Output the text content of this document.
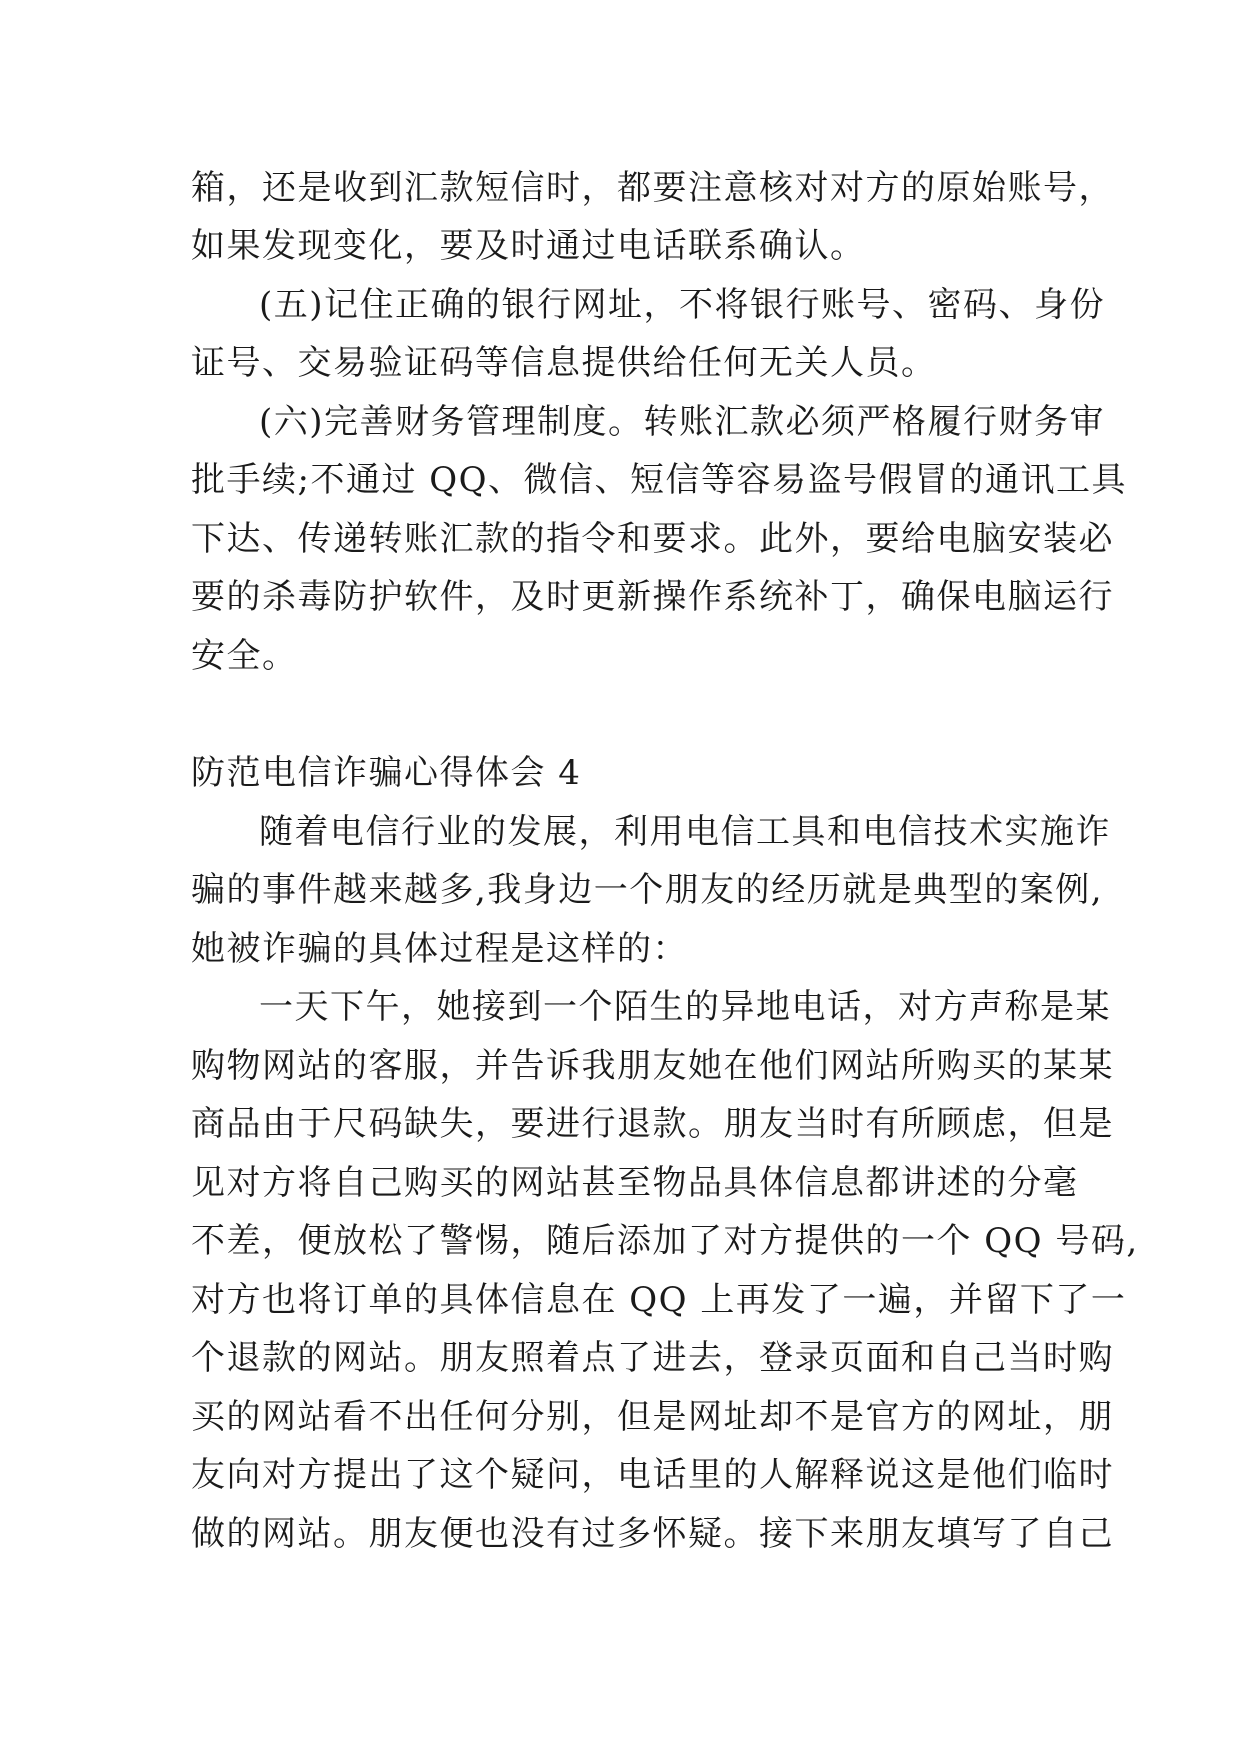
箱，还是收到汇款短信时，都要注意核对对方的原始账号，
如果发现变化，要及时通过电话联系确认。
(五)记住正确的银行网址，不将银行账号、密码、身份
证号、交易验证码等信息提供给任何无关人员。
(六)完善财务管理制度。转账汇款必须严格履行财务审
批手续;不通过 QQ、微信、短信等容易盗号假冒的通讯工具
下达、传递转账汇款的指令和要求。此外，要给电脑安装必
要的杀毒防护软件，及时更新操作系统补丁，确保电脑运行
安全。
防范电信诈骗心得体会 4
随着电信行业的发展，利用电信工具和电信技术实施诈
骗的事件越来越多,我身边一个朋友的经历就是典型的案例,
她被诈骗的具体过程是这样的：
一天下午，她接到一个陌生的异地电话，对方声称是某
购物网站的客服，并告诉我朋友她在他们网站所购买的某某
商品由于尺码缺失，要进行退款。朋友当时有所顾虑，但是
见对方将自己购买的网站甚至物品具体信息都讲述的分毫
不差，便放松了警惕，随后添加了对方提供的一个 QQ 号码,
对方也将订单的具体信息在 QQ 上再发了一遍，并留下了一
个退款的网站。朋友照着点了进去，登录页面和自己当时购
买的网站看不出任何分别，但是网址却不是官方的网址，朋
友向对方提出了这个疑问，电话里的人解释说这是他们临时
做的网站。朋友便也没有过多怀疑。接下来朋友填写了自己
